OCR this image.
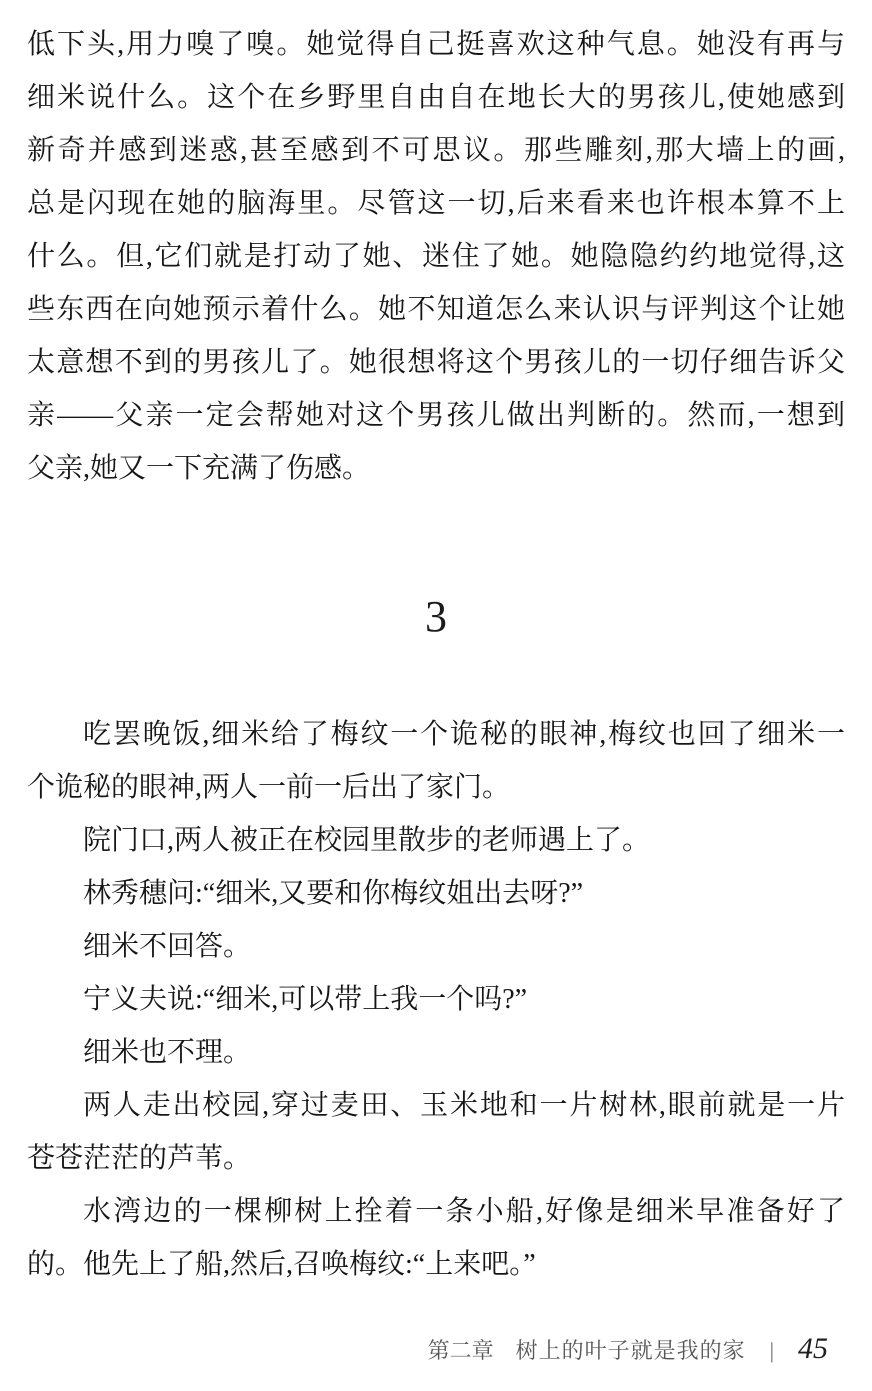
低下头,用力嗅了嗅。她觉得自己挺喜欢这种气息。她没有再与
细米说什么。这个在乡野里自由自在地长大的男孩儿,使她感到
新奇并感到迷惑,甚至感到不可思议。那些雕刻,那大墙上的画,
总是闪现在她的脑海里。尽管这一切,后来看来也许根本算不上
什么。但,它们就是打动了她、迷住了她。她隐隐约约地觉得,这
些东西在向她预示着什么。她不知道怎么来认识与评判这个让她
太意想不到的男孩儿了。她很想将这个男孩儿的一切仔细告诉父
亲——父亲一定会帮她对这个男孩儿做出判断的。然而,一想到
父亲,她又一下充满了伤感。
3
吃罢晚饭,细米给了梅纹一个诡秘的眼神,梅纹也回了细米一
个诡秘的眼神,两人一前一后出了家门。
院门口,两人被正在校园里散步的老师遇上了。
林秀穗问:“细米,又要和你梅纹姐出去呀?”
细米不回答。
宁义夫说:“细米,可以带上我一个吗?”
细米也不理。
两人走出校园,穿过麦田、玉米地和一片树林,眼前就是一片
苍苍茫茫的芦苇。
水湾边的一棵柳树上拴着一条小船,好像是细米早准备好了
的。他先上了船,然后,召唤梅纹:“上来吧。”
第二章 树上的叶子就是我的家 | 45
